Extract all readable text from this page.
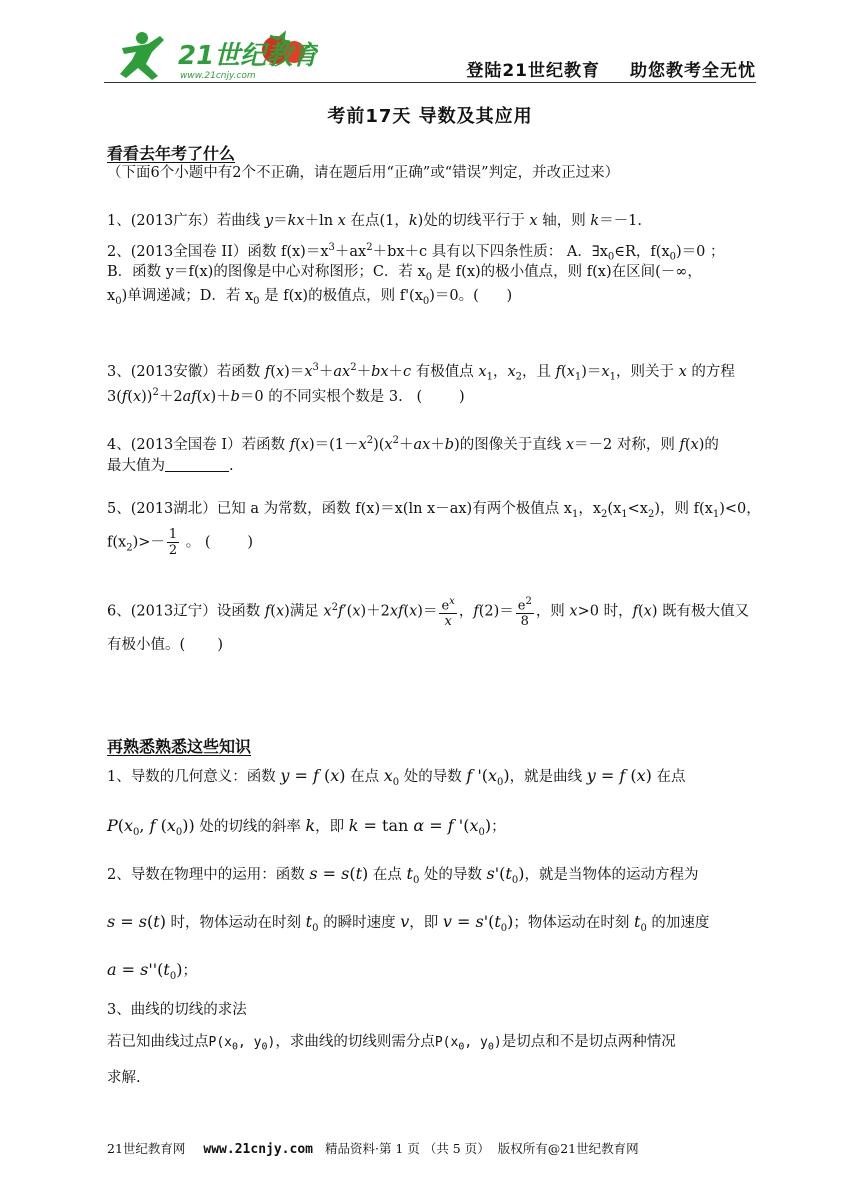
21世纪教育
www.21cnjy.com	登陆21世纪教育 助您教考全无忧
考前17天 导数及其应用
看看去年考了什么
（下面6个小题中有2个不正确，请在题后用“正确”或“错误”判定，并改正过来）
1、(2013广东）若曲线 y＝kx＋ln x 在点(1，k)处的切线平行于 x 轴，则 k＝－1.
2、(2013全国卷 II）函数 $f(x)=x^3+ax^2+bx+c$ 具有以下四条性质： A．$\exists x_0\in R$，$f(x_0)=0$ ；
B．函数 y＝f(x)的图像是中心对称图形；C．若 $x_0$ 是 f(x)的极小值点，则 f(x)在区间(－∞，
$x_0$)单调递减；D．若 $x_0$ 是 f(x)的极值点，则 $f'(x_0)=0$。(      )
3、(2013安徽）若函数 $f(x)=x^3+ax^2+bx+c$ 有极值点 $x_1$，$x_2$，且 $f(x_1)=x_1$，则关于 x 的方程
$3(f(x))^2+2af(x)+b=0$ 的不同实根个数是 3.   (        )
4、(2013全国卷 I）若函数 $f(x)=(1-x^2)(x^2+ax+b)$的图像关于直线 x＝－2 对称，则 f(x)的
最大值为	.
5、(2013湖北）已知 a 为常数，函数 f(x)＝x(ln x－ax)有两个极值点 $x_1$，$x_2(x_1<x_2)$，则 $f(x_1)<0$，
$f(x_2)>- \frac{1}{2}$ 。 (        )
6、(2013辽宁）设函数 f(x)满足 $x^2f'(x)+2xf(x)= \frac{e^x}{x}$ ，$f(2)= \frac{e^2}{8}$ ，则 x>0 时，f(x) 既有极大值又
有极小值。(       )
再熟悉熟悉这些知识
1、导数的几何意义：函数 y = f (x) 在点 $x_0$ 处的导数 f '$(x_0)$，就是曲线 y = f (x) 在点
$P(x_0$, f $(x_0)$) 处的切线的斜率 k，即 k = tan α = f '$(x_0)$；
2、导数在物理中的运用：函数 s = s(t) 在点 $t_0$ 处的导数 $s'(t_0)$，就是当物体的运动方程为
s = s(t) 时，物体运动在时刻 $t_0$ 的瞬时速度 v，即 $v = s'(t_0)$；物体运动在时刻 $t_0$ 的加速度
$a = s''(t_0)$；
3、曲线的切线的求法
若已知曲线过点$P(x_0$, $y_0$)，求曲线的切线则需分点$P(x_0$, $y_0$)是切点和不是切点两种情况
求解.
21世纪教育网 www.21cnjy.com 精品资料·第 1 页 （共 5 页） 版权所有@21世纪教育网
